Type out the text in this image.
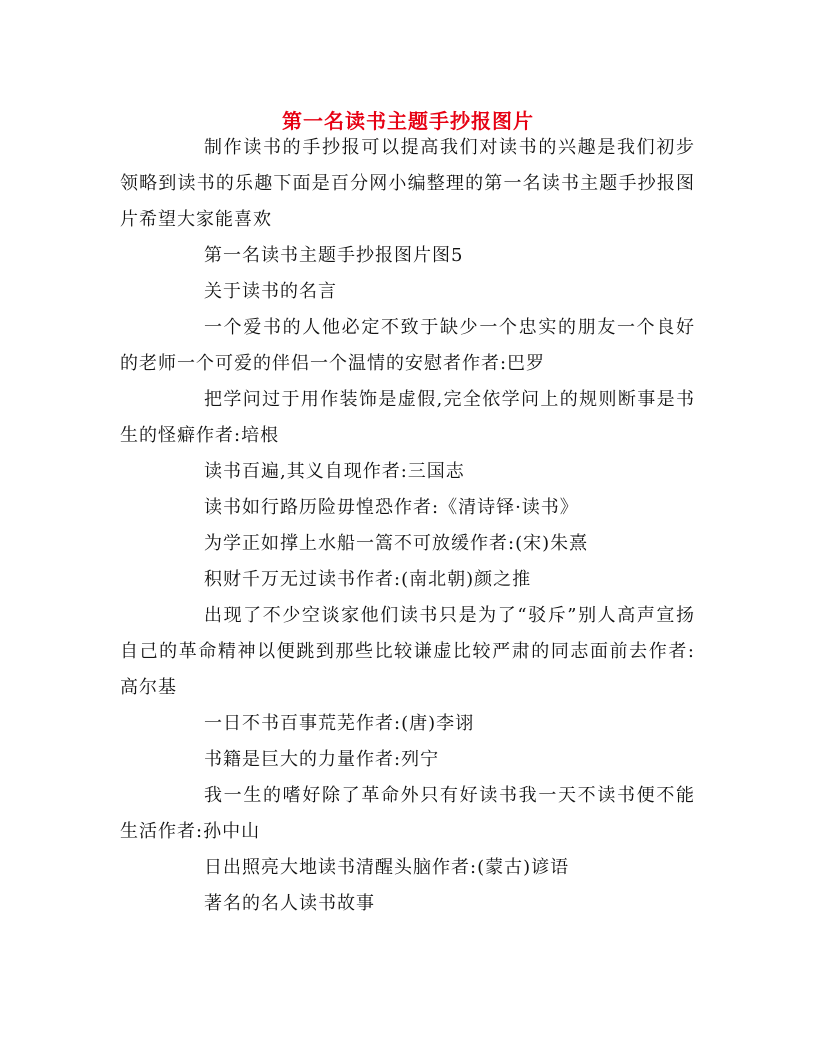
第一名读书主题手抄报图片

制作读书的手抄报可以提高我们对读书的兴趣是我们初步领略到读书的乐趣下面是百分网小编整理的第一名读书主题手抄报图片希望大家能喜欢

第一名读书主题手抄报图片图5

关于读书的名言

一个爱书的人他必定不致于缺少一个忠实的朋友一个良好的老师一个可爱的伴侣一个温情的安慰者作者:巴罗

把学问过于用作装饰是虚假,完全依学问上的规则断事是书生的怪癖作者:培根

读书百遍,其义自现作者:三国志

读书如行路历险毋惶恐作者:《清诗铎·读书》

为学正如撑上水船一篙不可放缓作者:(宋)朱熹

积财千万无过读书作者:(南北朝)颜之推

出现了不少空谈家他们读书只是为了“驳斥”别人高声宣扬自己的革命精神以便跳到那些比较谦虚比较严肃的同志面前去作者:高尔基

一日不书百事荒芜作者:(唐)李诩

书籍是巨大的力量作者:列宁

我一生的嗜好除了革命外只有好读书我一天不读书便不能生活作者:孙中山

日出照亮大地读书清醒头脑作者:(蒙古)谚语

著名的名人读书故事
